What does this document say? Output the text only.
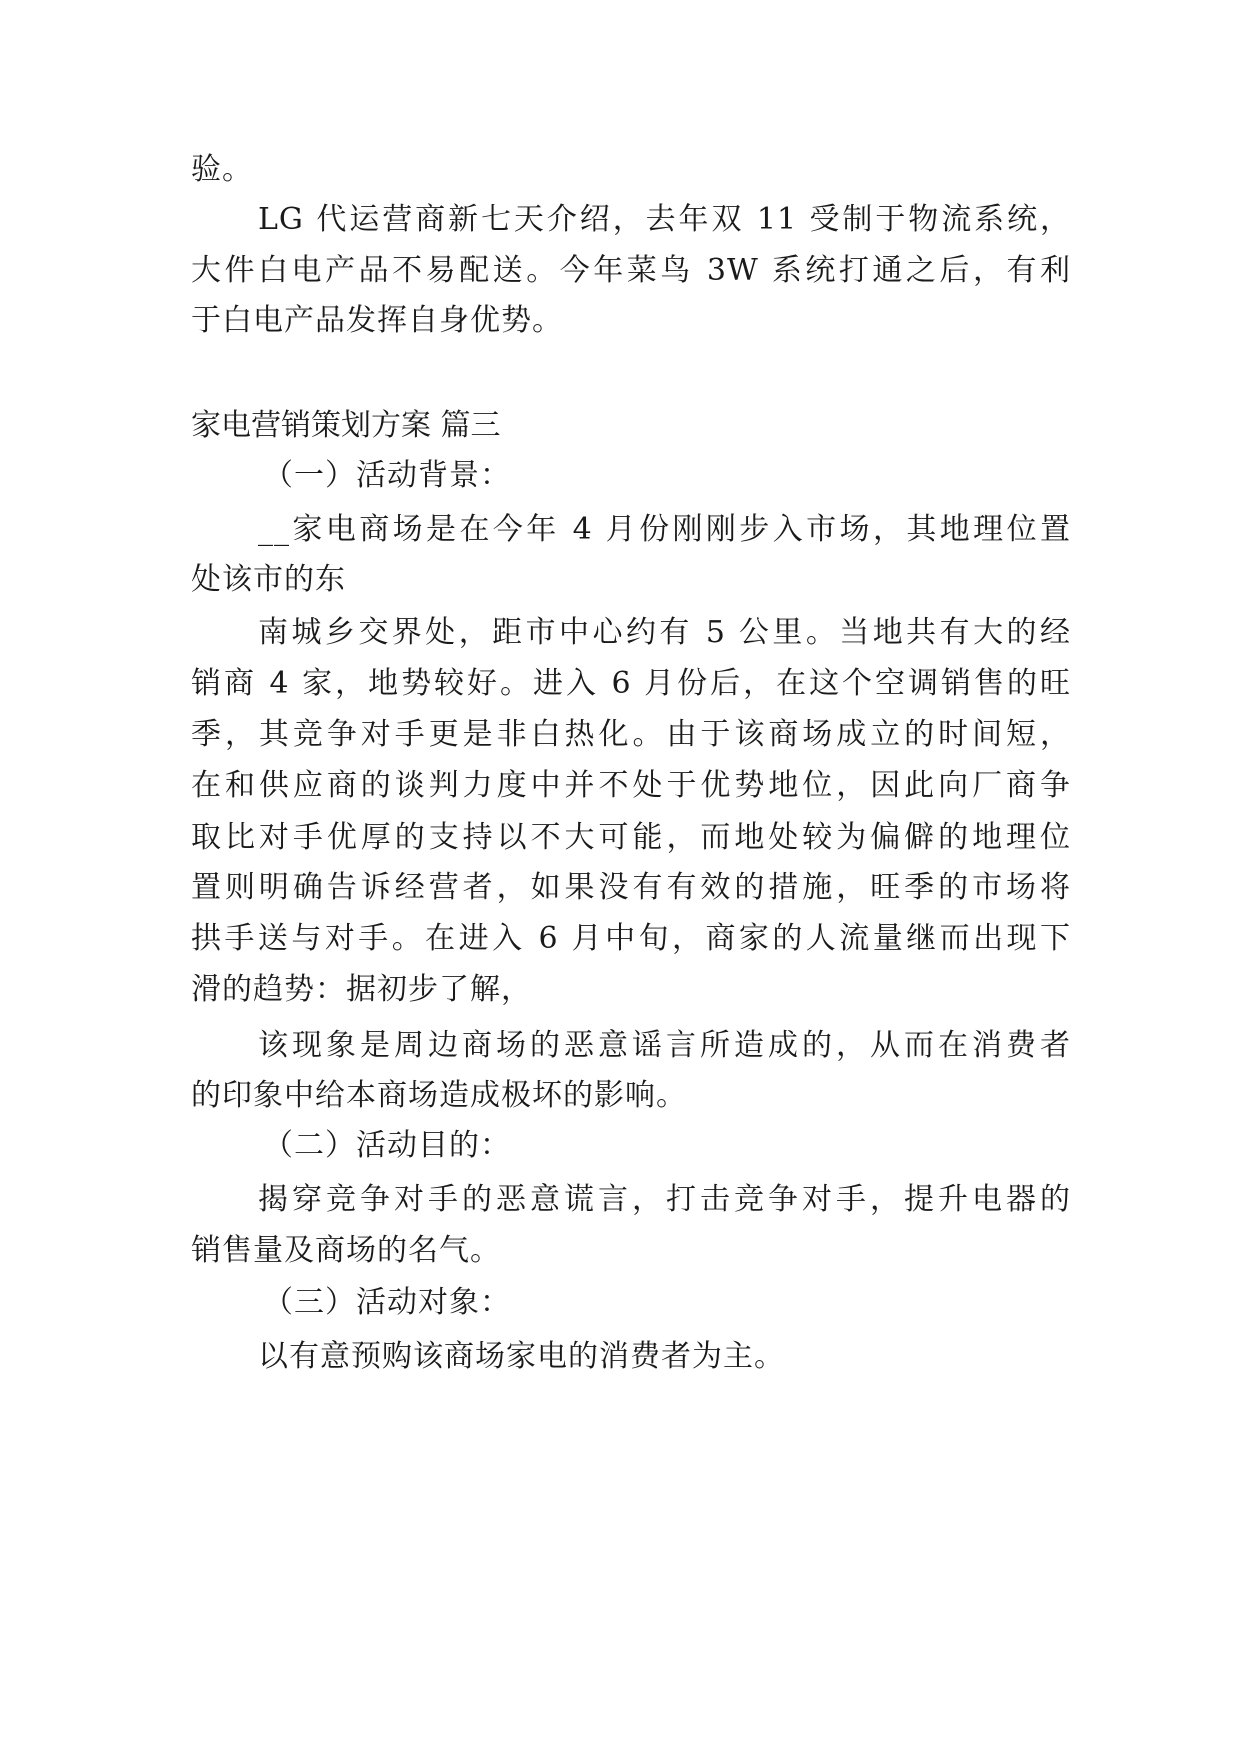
验。
LG 代运营商新七天介绍，去年双 11 受制于物流系统，
大件白电产品不易配送。今年菜鸟 3W 系统打通之后，有利
于白电产品发挥自身优势。
家电营销策划方案 篇三
（一）活动背景：
__家电商场是在今年 4 月份刚刚步入市场，其地理位置
处该市的东
南城乡交界处，距市中心约有 5 公里。当地共有大的经
销商 4 家，地势较好。进入 6 月份后，在这个空调销售的旺
季，其竞争对手更是非白热化。由于该商场成立的时间短，
在和供应商的谈判力度中并不处于优势地位，因此向厂商争
取比对手优厚的支持以不大可能，而地处较为偏僻的地理位
置则明确告诉经营者，如果没有有效的措施，旺季的市场将
拱手送与对手。在进入 6 月中旬，商家的人流量继而出现下
滑的趋势：据初步了解，
该现象是周边商场的恶意谣言所造成的，从而在消费者
的印象中给本商场造成极坏的影响。
（二）活动目的：
揭穿竞争对手的恶意谎言，打击竞争对手，提升电器的
销售量及商场的名气。
（三）活动对象：
以有意预购该商场家电的消费者为主。
